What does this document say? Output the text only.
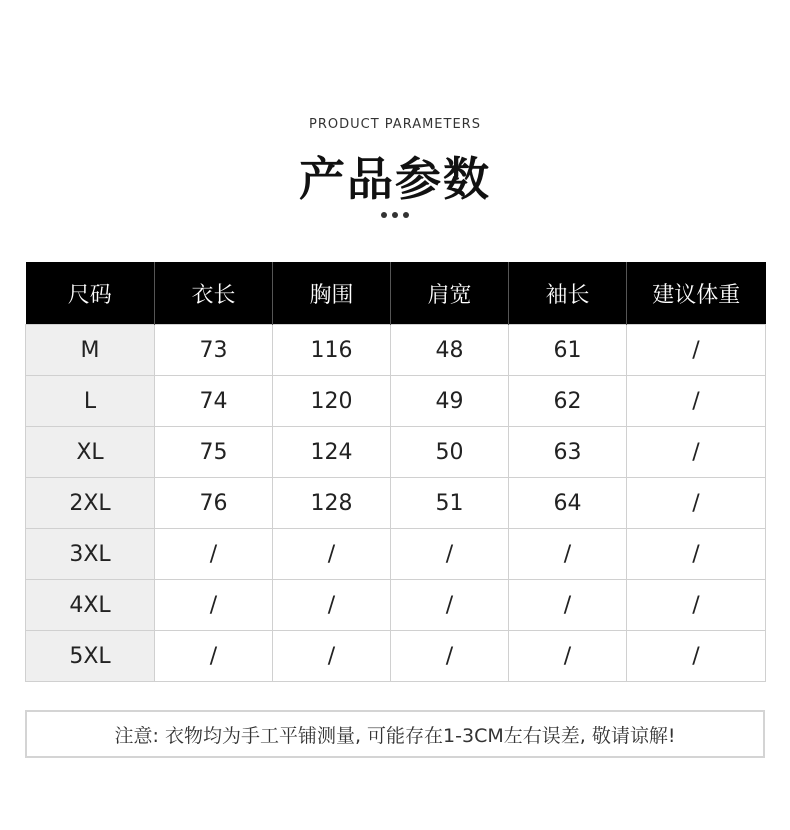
PRODUCT PARAMETERS
产品参数
尺码	衣长	胸围	肩宽	袖长	建议体重
M	73	116	48	61	/
L	74	120	49	62	/
XL	75	124	50	63	/
2XL	76	128	51	64	/
3XL	/	/	/	/	/
4XL	/	/	/	/	/
5XL	/	/	/	/	/
注意: 衣物均为手工平铺测量, 可能存在1-3CM左右误差, 敬请谅解!
